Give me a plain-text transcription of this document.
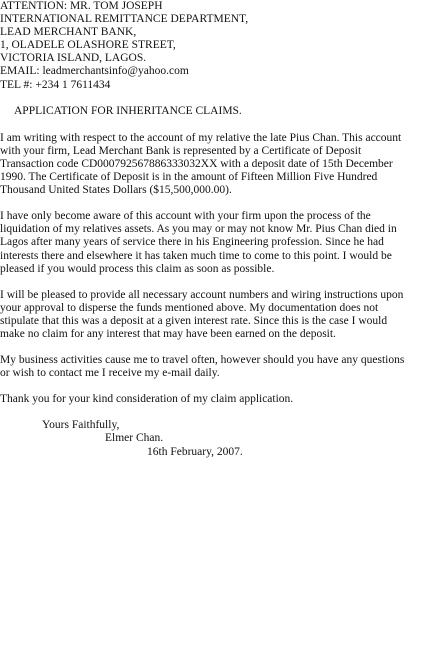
ATTENTION: MR. TOM JOSEPH
INTERNATIONAL REMITTANCE DEPARTMENT,
LEAD MERCHANT BANK,
1, OLADELE OLASHORE STREET,
VICTORIA ISLAND, LAGOS.
EMAIL: leadmerchantsinfo@yahoo.com
TEL #: +234 1 7611434
APPLICATION FOR INHERITANCE CLAIMS.
I am writing with respect to the account of my relative the late Pius Chan. This account
with your firm, Lead Merchant Bank is represented by a Certificate of Deposit
Transaction code CD000792567886333032XX with a deposit date of 15th December
1990. The Certificate of Deposit is in the amount of Fifteen Million Five Hundred
Thousand United States Dollars ($15,500,000.00).
I have only become aware of this account with your firm upon the process of the
liquidation of my relatives assets. As you may or may not know Mr. Pius Chan died in
Lagos after many years of service there in his Engineering profession. Since he had
interests there and elsewhere it has taken much time to come to this point. I would be
pleased if you would process this claim as soon as possible.
I will be pleased to provide all necessary account numbers and wiring instructions upon
your approval to disperse the funds mentioned above. My documentation does not
stipulate that this was a deposit at a given interest rate. Since this is the case I would
make no claim for any interest that may have been earned on the deposit.
My business activities cause me to travel often, however should you have any questions
or wish to contact me I receive my e-mail daily.
Thank you for your kind consideration of my claim application.
Yours Faithfully,
Elmer Chan.
16th February, 2007.
